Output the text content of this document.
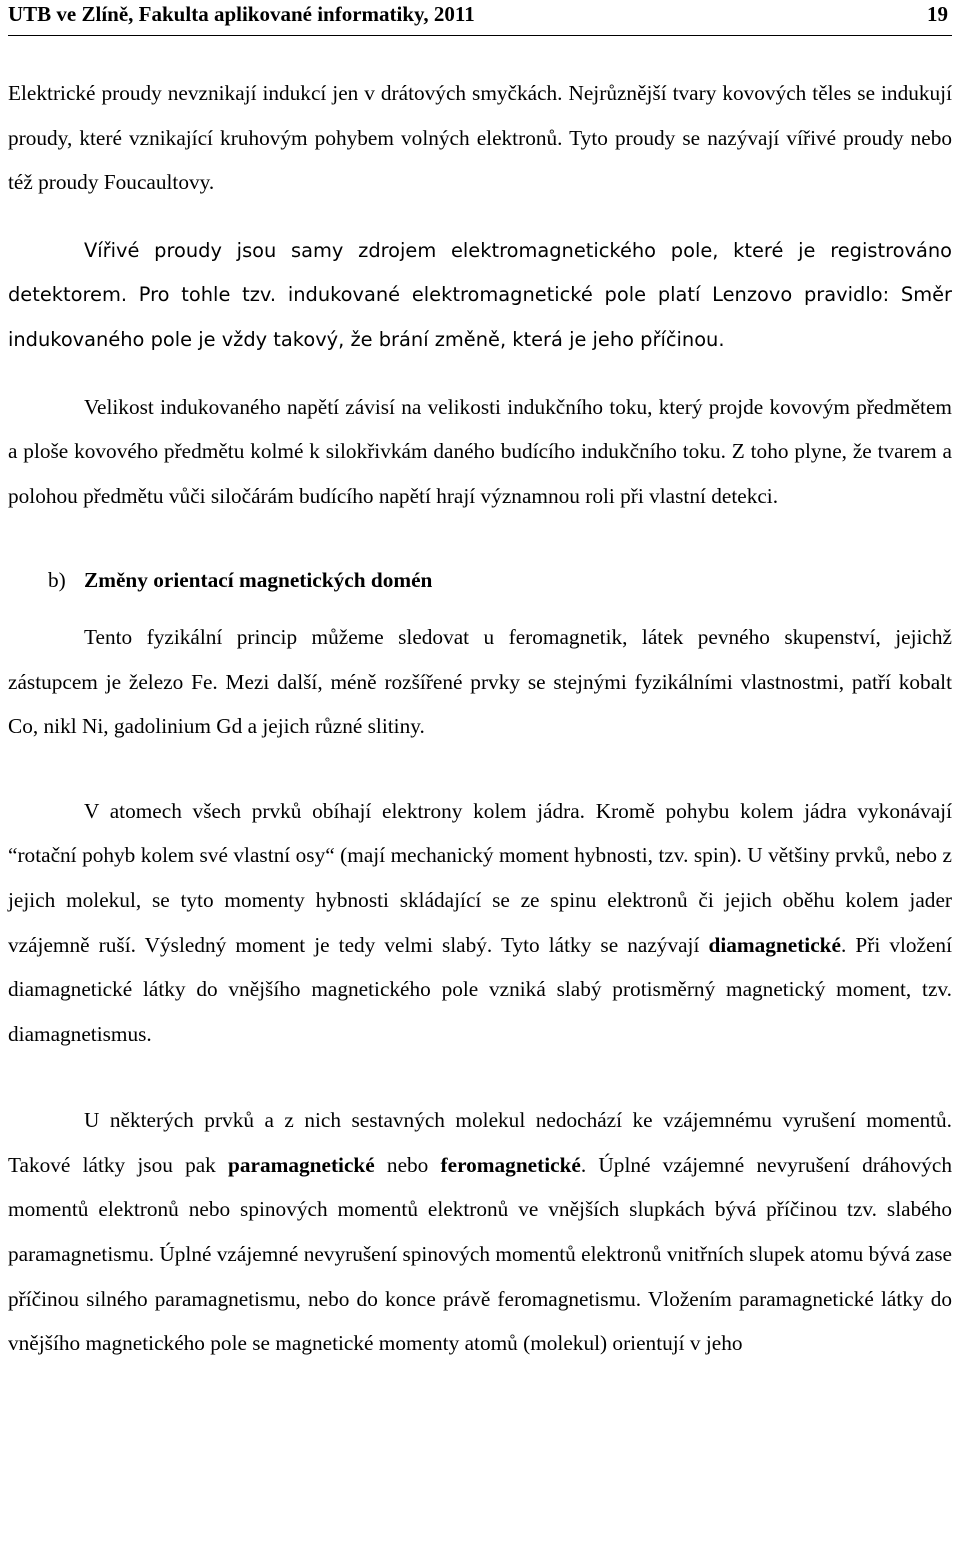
UTB ve Zlíně, Fakulta aplikované informatiky, 2011	19

Elektrické proudy nevznikají indukcí jen v drátových smyčkách. Nejrůznější tvary kovových těles se indukují proudy, které vznikající kruhovým pohybem volných elektronů. Tyto proudy se nazývají vířivé proudy nebo též proudy Foucaultovy.

Vířivé proudy jsou samy zdrojem elektromagnetického pole, které je registrováno detektorem. Pro tohle tzv. indukované elektromagnetické pole platí Lenzovo pravidlo: Směr indukovaného pole je vždy takový, že brání změně, která je jeho příčinou.

Velikost indukovaného napětí závisí na velikosti indukčního toku, který projde kovovým předmětem a ploše kovového předmětu kolmé k silokřivkám daného budícího indukčního toku. Z toho plyne, že tvarem a polohou předmětu vůči siločárám budícího napětí hrají významnou roli při vlastní detekci.

b) Změny orientací magnetických domén

Tento fyzikální princip můžeme sledovat u feromagnetik, látek pevného skupenství, jejichž zástupcem je železo Fe. Mezi další, méně rozšířené prvky se stejnými fyzikálními vlastnostmi, patří kobalt Co, nikl Ni, gadolinium Gd a jejich různé slitiny.

V atomech všech prvků obíhají elektrony kolem jádra. Kromě pohybu kolem jádra vykonávají “rotační pohyb kolem své vlastní osy“ (mají mechanický moment hybnosti, tzv. spin). U většiny prvků, nebo z jejich molekul, se tyto momenty hybnosti skládající se ze spinu elektronů či jejich oběhu kolem jader vzájemně ruší. Výsledný moment je tedy velmi slabý. Tyto látky se nazývají diamagnetické. Při vložení diamagnetické látky do vnějšího magnetického pole vzniká slabý protisměrný magnetický moment, tzv. diamagnetismus.

U některých prvků a z nich sestavných molekul nedochází ke vzájemnému vyrušení momentů. Takové látky jsou pak paramagnetické nebo feromagnetické. Úplné vzájemné nevyrušení dráhových momentů elektronů nebo spinových momentů elektronů ve vnějších slupkách bývá příčinou tzv. slabého paramagnetismu. Úplné vzájemné nevyrušení spinových momentů elektronů vnitřních slupek atomu bývá zase příčinou silného paramagnetismu, nebo do konce právě feromagnetismu. Vložením paramagnetické látky do vnějšího magnetického pole se magnetické momenty atomů (molekul) orientují v jeho
